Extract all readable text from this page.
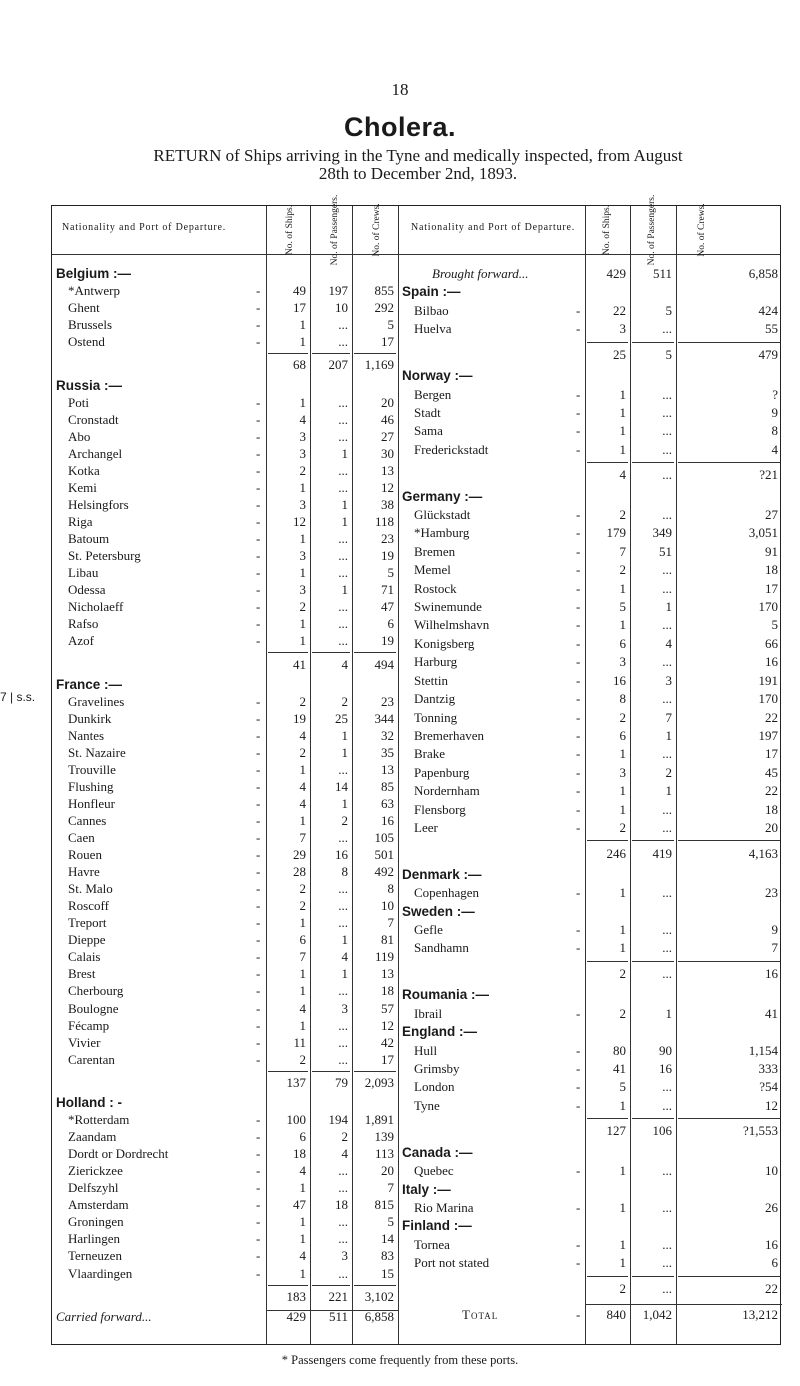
18
Cholera.
RETURN of Ships arriving in the Tyne and medically inspected, from August
28th to December 2nd, 1893.
7 | s.s.
Nationality and Port of Departure.	No. of Ships.	No. of Passengers.	No. of Crews.	Nationality and Port of Departure.	No. of Ships.	No. of Passengers.	No. of Crews.
Belgium :—
*Antwerp	-	49	197	855
Ghent	-	17	10	292
Brussels	-	1	...	5
Ostend	-	1	...	17
68	207	1,169
Russia :—
Poti	-	1	...	20
Cronstadt	-	4	...	46
Abo	-	3	...	27
Archangel	-	3	1	30
Kotka	-	2	...	13
Kemi	-	1	...	12
Helsingfors	-	3	1	38
Riga	-	12	1	118
Batoum	-	1	...	23
St. Petersburg	-	3	...	19
Libau	-	1	...	5
Odessa	-	3	1	71
Nicholaeff	-	2	...	47
Rafso	-	1	...	6
Azof	-	1	...	19
41	4	494
France :—
Gravelines	-	2	2	23
Dunkirk	-	19	25	344
Nantes	-	4	1	32
St. Nazaire	-	2	1	35
Trouville	-	1	...	13
Flushing	-	4	14	85
Honfleur	-	4	1	63
Cannes	-	1	2	16
Caen	-	7	...	105
Rouen	-	29	16	501
Havre	-	28	8	492
St. Malo	-	2	...	8
Roscoff	-	2	...	10
Treport	-	1	...	7
Dieppe	-	6	1	81
Calais	-	7	4	119
Brest	-	1	1	13
Cherbourg	-	1	...	18
Boulogne	-	4	3	57
Fécamp	-	1	...	12
Vivier	-	11	...	42
Carentan	-	2	...	17
137	79	2,093
Holland : -
*Rotterdam	-	100	194	1,891
Zaandam	-	6	2	139
Dordt or Dordrecht	-	18	4	113
Zierickzee	-	4	...	20
Delfszyhl	-	1	...	7
Amsterdam	-	47	18	815
Groningen	-	1	...	5
Harlingen	-	1	...	14
Terneuzen	-	4	3	83
Vlaardingen	-	1	...	15
183	221	3,102
Carried forward...	429	511	6,858
Brought forward...	429	511	6,858
Spain :—
Bilbao	-	22	5	424
Huelva	-	3	...	55
25	5	479
Norway :—
Bergen	-	1	...	?
Stadt	-	1	...	9
Sama	-	1	...	8
Frederickstadt	-	1	...	4
4	...	?21
Germany :—
Glückstadt	-	2	...	27
*Hamburg	-	179	349	3,051
Bremen	-	7	51	91
Memel	-	2	...	18
Rostock	-	1	...	17
Swinemunde	-	5	1	170
Wilhelmshavn	-	1	...	5
Konigsberg	-	6	4	66
Harburg	-	3	...	16
Stettin	-	16	3	191
Dantzig	-	8	...	170
Tonning	-	2	7	22
Bremerhaven	-	6	1	197
Brake	-	1	...	17
Papenburg	-	3	2	45
Nordernham	-	1	1	22
Flensborg	-	1	...	18
Leer	-	2	...	20
246	419	4,163
Denmark :—
Copenhagen	-	1	...	23
Sweden :—
Gefle	-	1	...	9
Sandhamn	-	1	...	7
2	...	16
Roumania :—
Ibrail	-	2	1	41
England :—
Hull	-	80	90	1,154
Grimsby	-	41	16	333
London	-	5	...	?54
Tyne	-	1	...	12
127	106	?1,553
Canada :—
Quebec	-	1	...	10
Italy :—
Rio Marina	-	1	...	26
Finland :—
Tornea	-	1	...	16
Port not stated	-	1	...	6
2	...	22
Total	-	840	1,042	13,212
* Passengers come frequently from these ports.
